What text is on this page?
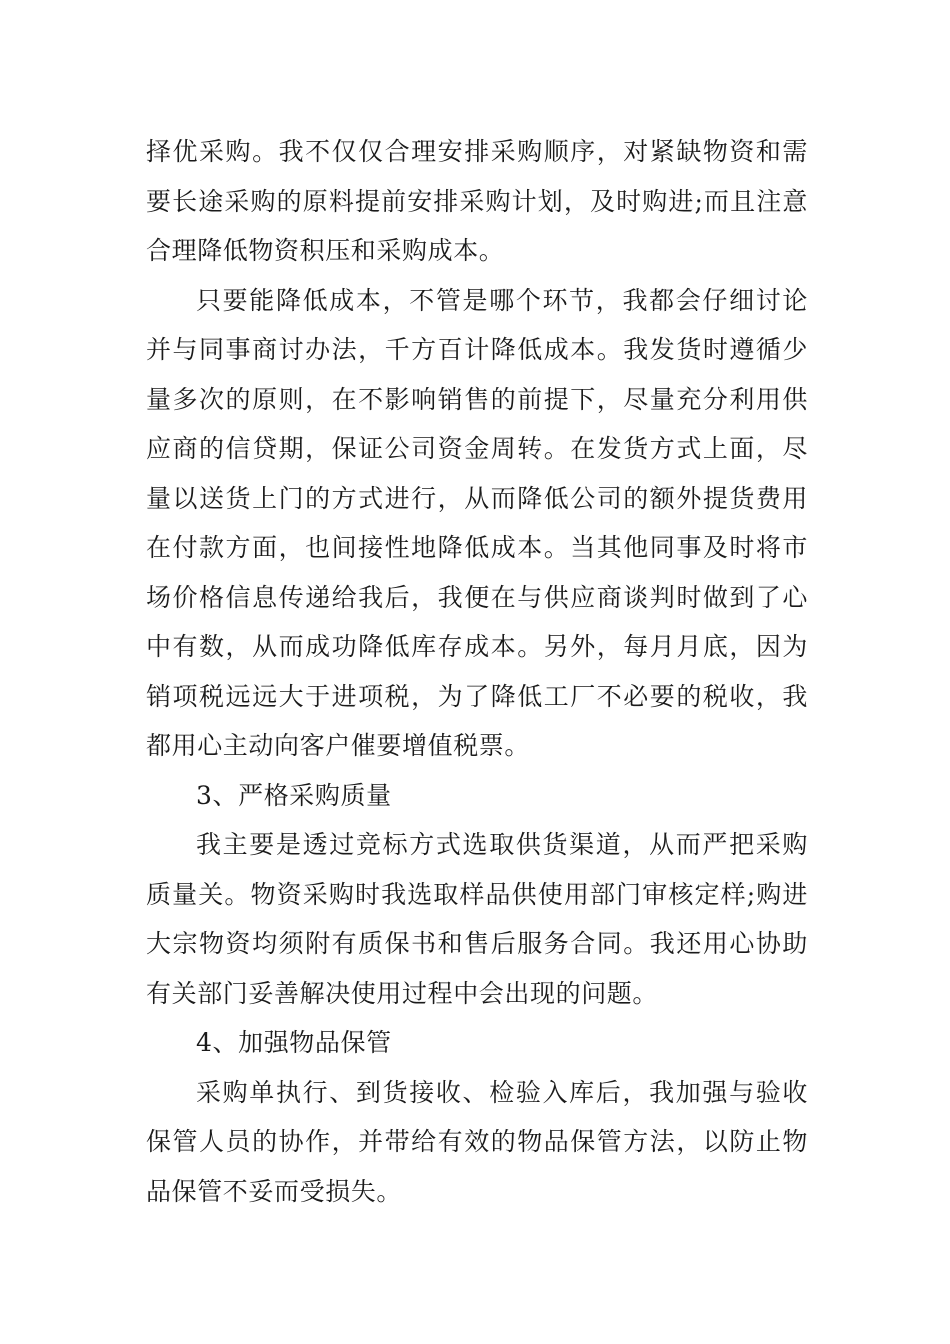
择优采购。我不仅仅合理安排采购顺序，对紧缺物资和需要长途采购的原料提前安排采购计划，及时购进;而且注意合理降低物资积压和采购成本。

只要能降低成本，不管是哪个环节，我都会仔细讨论并与同事商讨办法，千方百计降低成本。我发货时遵循少量多次的原则，在不影响销售的前提下，尽量充分利用供应商的信贷期，保证公司资金周转。在发货方式上面，尽量以送货上门的方式进行，从而降低公司的额外提货费用在付款方面，也间接性地降低成本。当其他同事及时将市场价格信息传递给我后，我便在与供应商谈判时做到了心中有数，从而成功降低库存成本。另外，每月月底，因为销项税远远大于进项税，为了降低工厂不必要的税收，我都用心主动向客户催要增值税票。

3、严格采购质量

我主要是透过竞标方式选取供货渠道，从而严把采购质量关。物资采购时我选取样品供使用部门审核定样;购进大宗物资均须附有质保书和售后服务合同。我还用心协助有关部门妥善解决使用过程中会出现的问题。

4、加强物品保管

采购单执行、到货接收、检验入库后，我加强与验收保管人员的协作，并带给有效的物品保管方法，以防止物品保管不妥而受损失。
